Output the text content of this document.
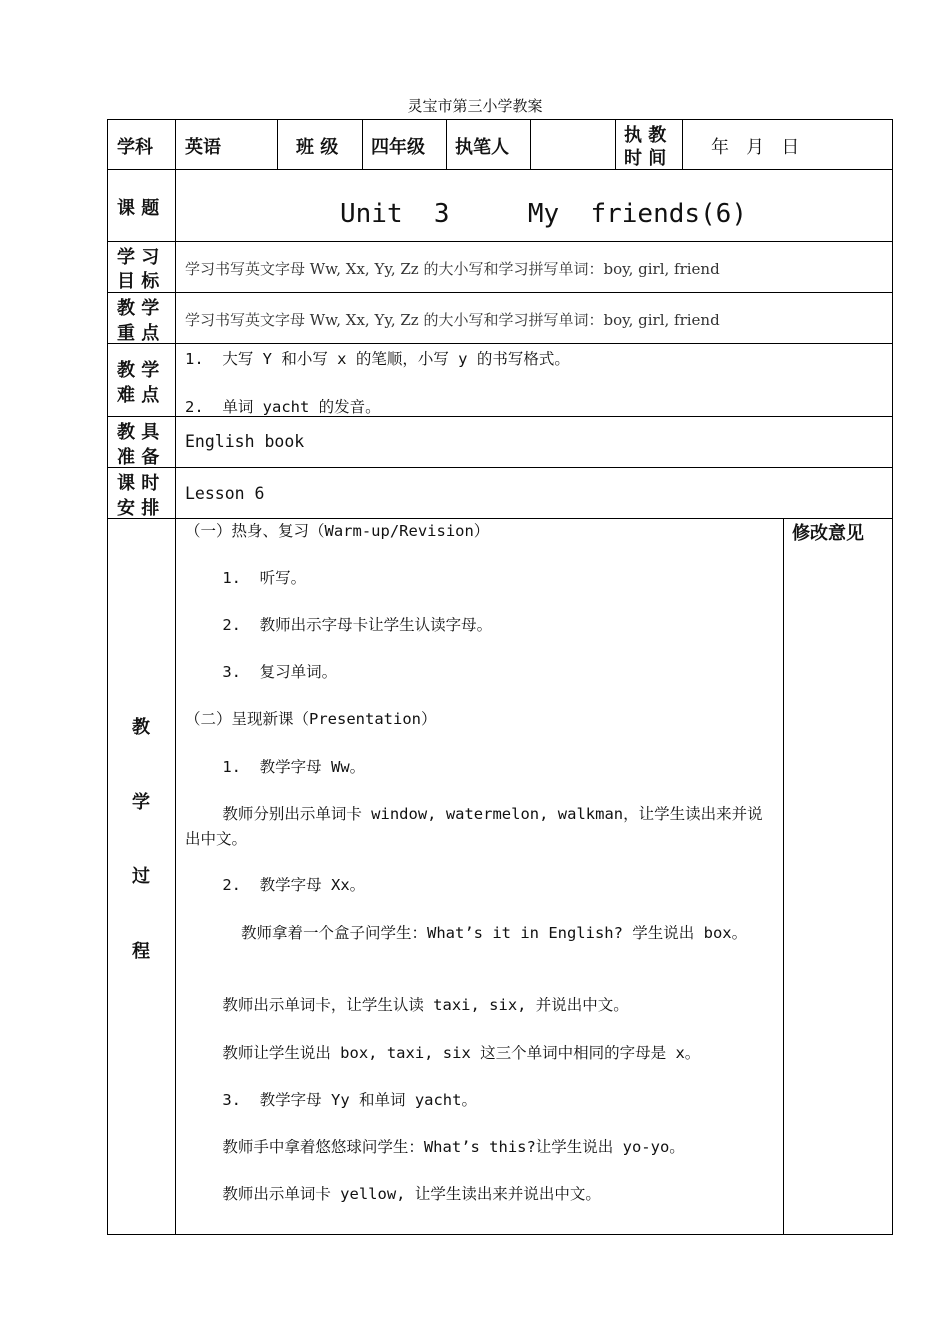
灵宝市第三小学教案
学科 英语	班 级 四年级 执笔人
执 教
时 间
年   月   日
课 题	Unit  3     My  friends(6)
学 习
目 标
学习书写英文字母 Ww, Xx, Yy, Zz 的大小写和学习拼写单词：boy, girl, friend
教 学
重 点
学习书写英文字母 Ww, Xx, Yy, Zz 的大小写和学习拼写单词：boy, girl, friend
教 学
难 点
1.  大写 Y 和小写 x 的笔顺，小写 y 的书写格式。
2.  单词 yacht 的发音。
教 具
准 备
English book
课 时
安 排
Lesson 6
教
学
过
程
修改意见
（一）热身、复习（Warm-up/Revision）
1.  听写。
2.  教师出示字母卡让学生认读字母。
3.  复习单词。
（二）呈现新课（Presentation）
1.  教学字母 Ww。
教师分别出示单词卡 window, watermelon, walkman，让学生读出来并说出中文。
2.  教学字母 Xx。
教师拿着一个盒子问学生：What’s it in English? 学生说出 box。
教师出示单词卡，让学生认读 taxi, six, 并说出中文。
教师让学生说出 box, taxi, six 这三个单词中相同的字母是 x。
3.  教学字母 Yy 和单词 yacht。
教师手中拿着悠悠球问学生：What’s this?让学生说出 yo-yo。
教师出示单词卡 yellow, 让学生读出来并说出中文。
